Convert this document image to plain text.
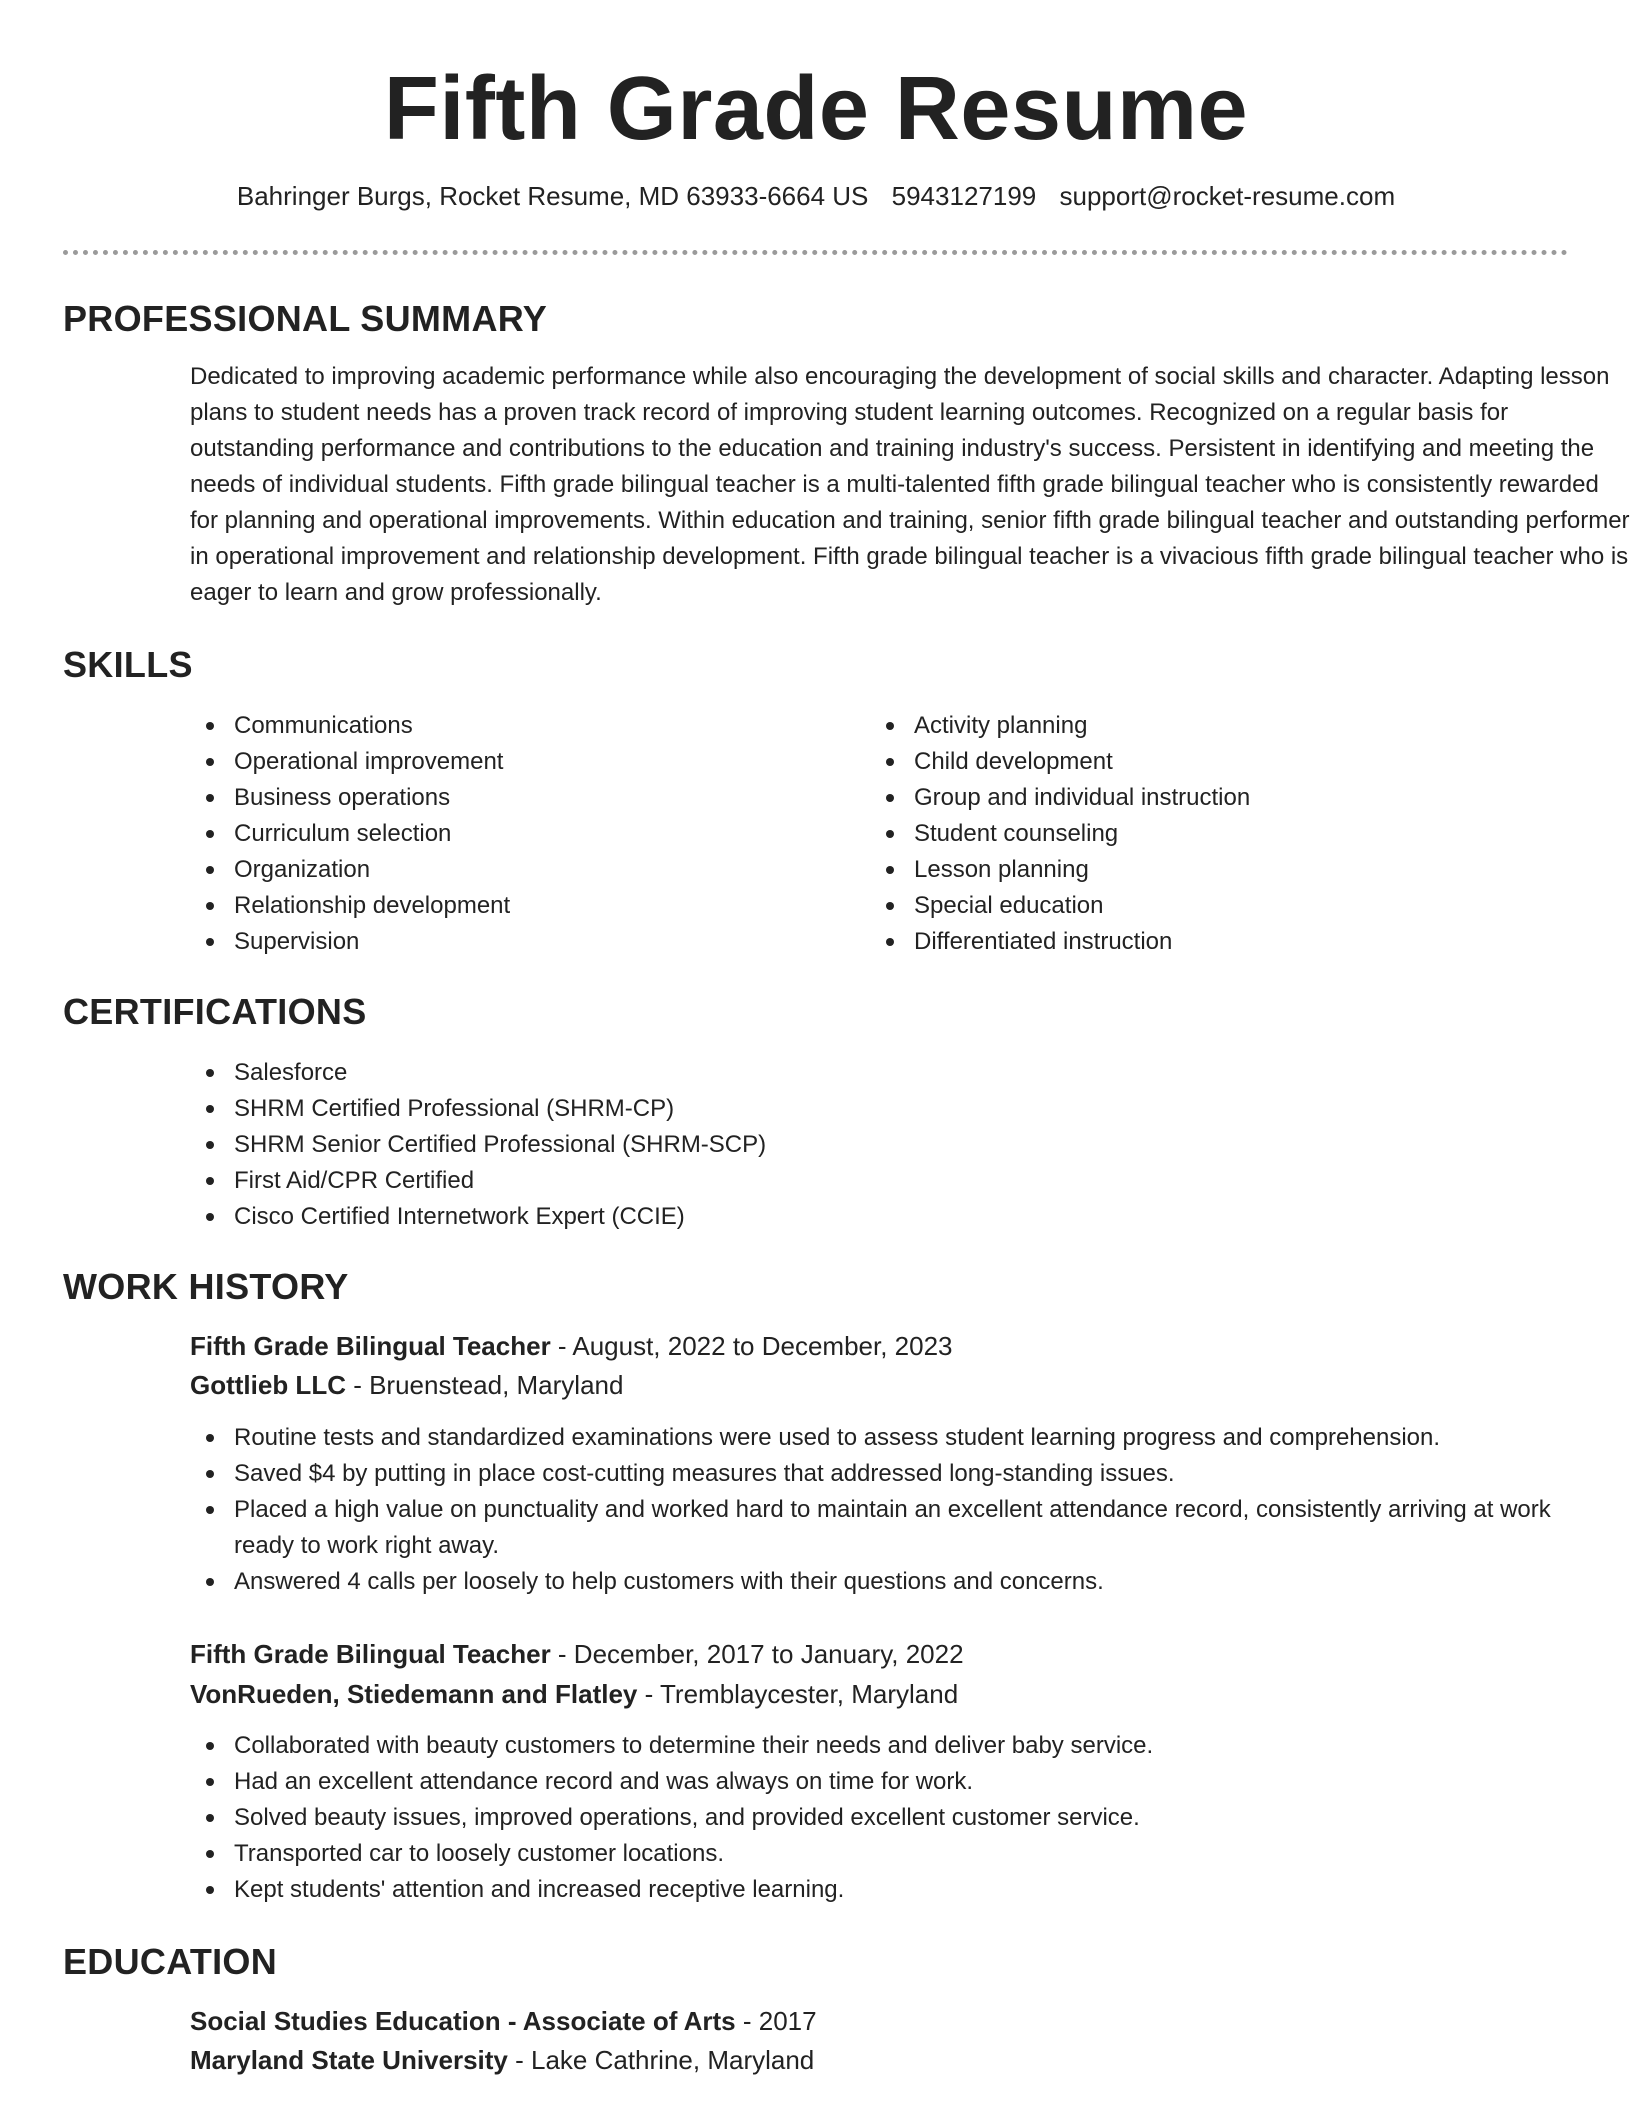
Fifth Grade Resume
Bahringer Burgs, Rocket Resume, MD 63933-6664 US 5943127199 support@rocket-resume.com
PROFESSIONAL SUMMARY

Dedicated to improving academic performance while also encouraging the development of social skills and character. Adapting lesson plans to student needs has a proven track record of improving student learning outcomes. Recognized on a regular basis for outstanding performance and contributions to the education and training industry's success. Persistent in identifying and meeting the needs of individual students. Fifth grade bilingual teacher is a multi-talented fifth grade bilingual teacher who is consistently rewarded for planning and operational improvements. Within education and training, senior fifth grade bilingual teacher and outstanding performer in operational improvement and relationship development. Fifth grade bilingual teacher is a vivacious fifth grade bilingual teacher who is eager to learn and grow professionally.

SKILLS
Communications
Operational improvement
Business operations
Curriculum selection
Organization
Relationship development
Supervision
Activity planning
Child development
Group and individual instruction
Student counseling
Lesson planning
Special education
Differentiated instruction
CERTIFICATIONS
Salesforce
SHRM Certified Professional (SHRM-CP)
SHRM Senior Certified Professional (SHRM-SCP)
First Aid/CPR Certified
Cisco Certified Internetwork Expert (CCIE)
WORK HISTORY
Fifth Grade Bilingual Teacher - August, 2022 to December, 2023
Gottlieb LLC - Bruenstead, Maryland
Routine tests and standardized examinations were used to assess student learning progress and comprehension.
Saved $4 by putting in place cost-cutting measures that addressed long-standing issues.
Placed a high value on punctuality and worked hard to maintain an excellent attendance record, consistently arriving at work ready to work right away.
Answered 4 calls per loosely to help customers with their questions and concerns.
Fifth Grade Bilingual Teacher - December, 2017 to January, 2022
VonRueden, Stiedemann and Flatley - Tremblaycester, Maryland
Collaborated with beauty customers to determine their needs and deliver baby service.
Had an excellent attendance record and was always on time for work.
Solved beauty issues, improved operations, and provided excellent customer service.
Transported car to loosely customer locations.
Kept students' attention and increased receptive learning.
EDUCATION
Social Studies Education - Associate of Arts - 2017
Maryland State University - Lake Cathrine, Maryland
